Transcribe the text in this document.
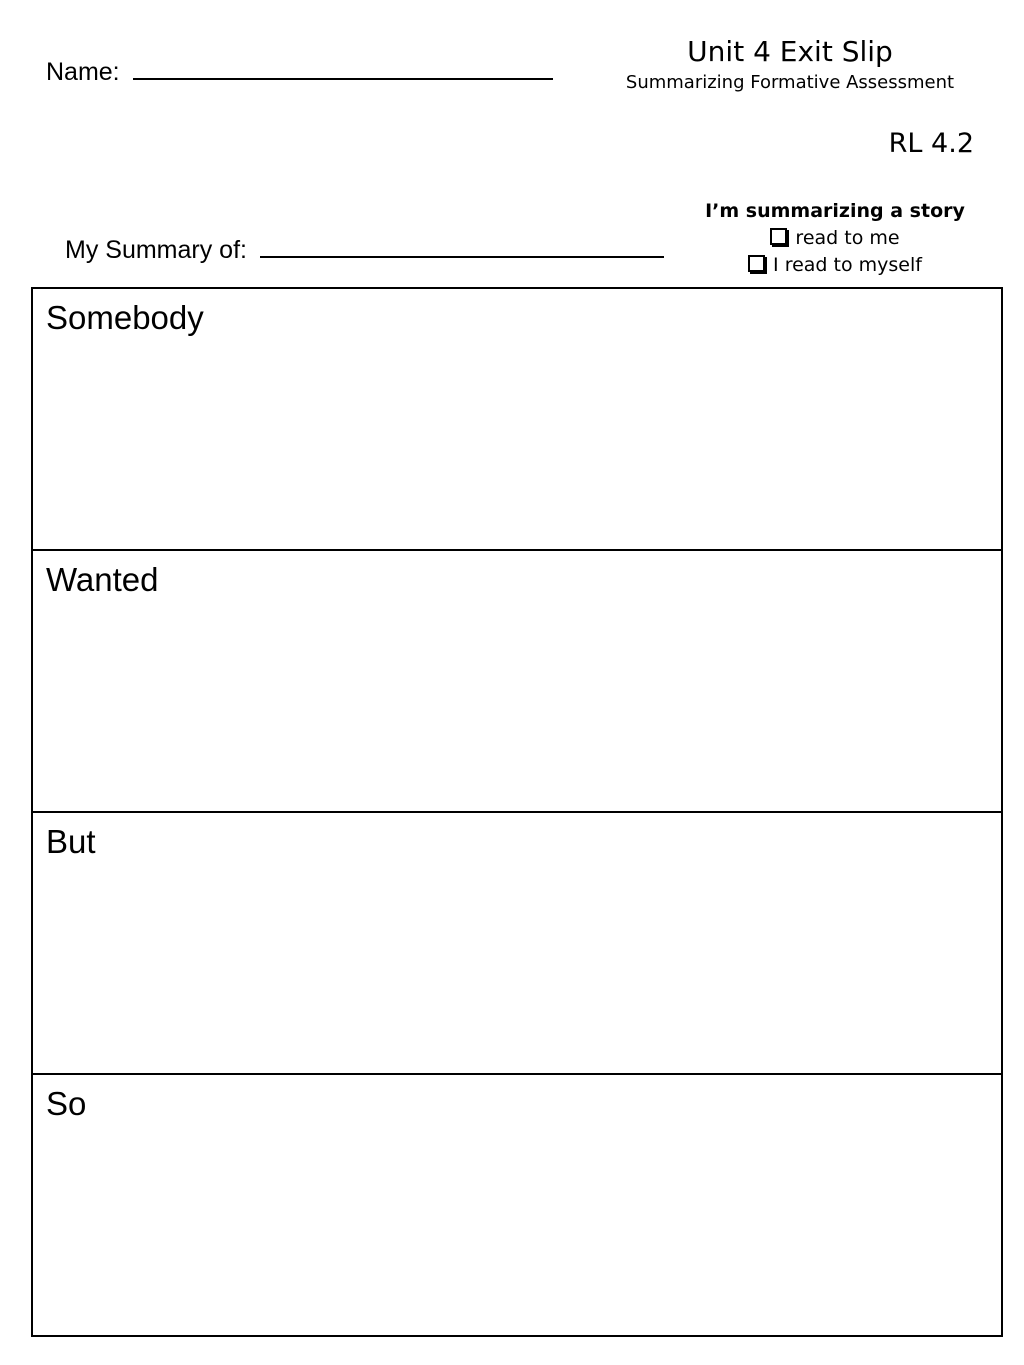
Name:
Unit 4 Exit Slip
Summarizing Formative Assessment
RL 4.2
I’m summarizing a story
read to me
I read to myself
My Summary of:
Somebody
Wanted
But
So
